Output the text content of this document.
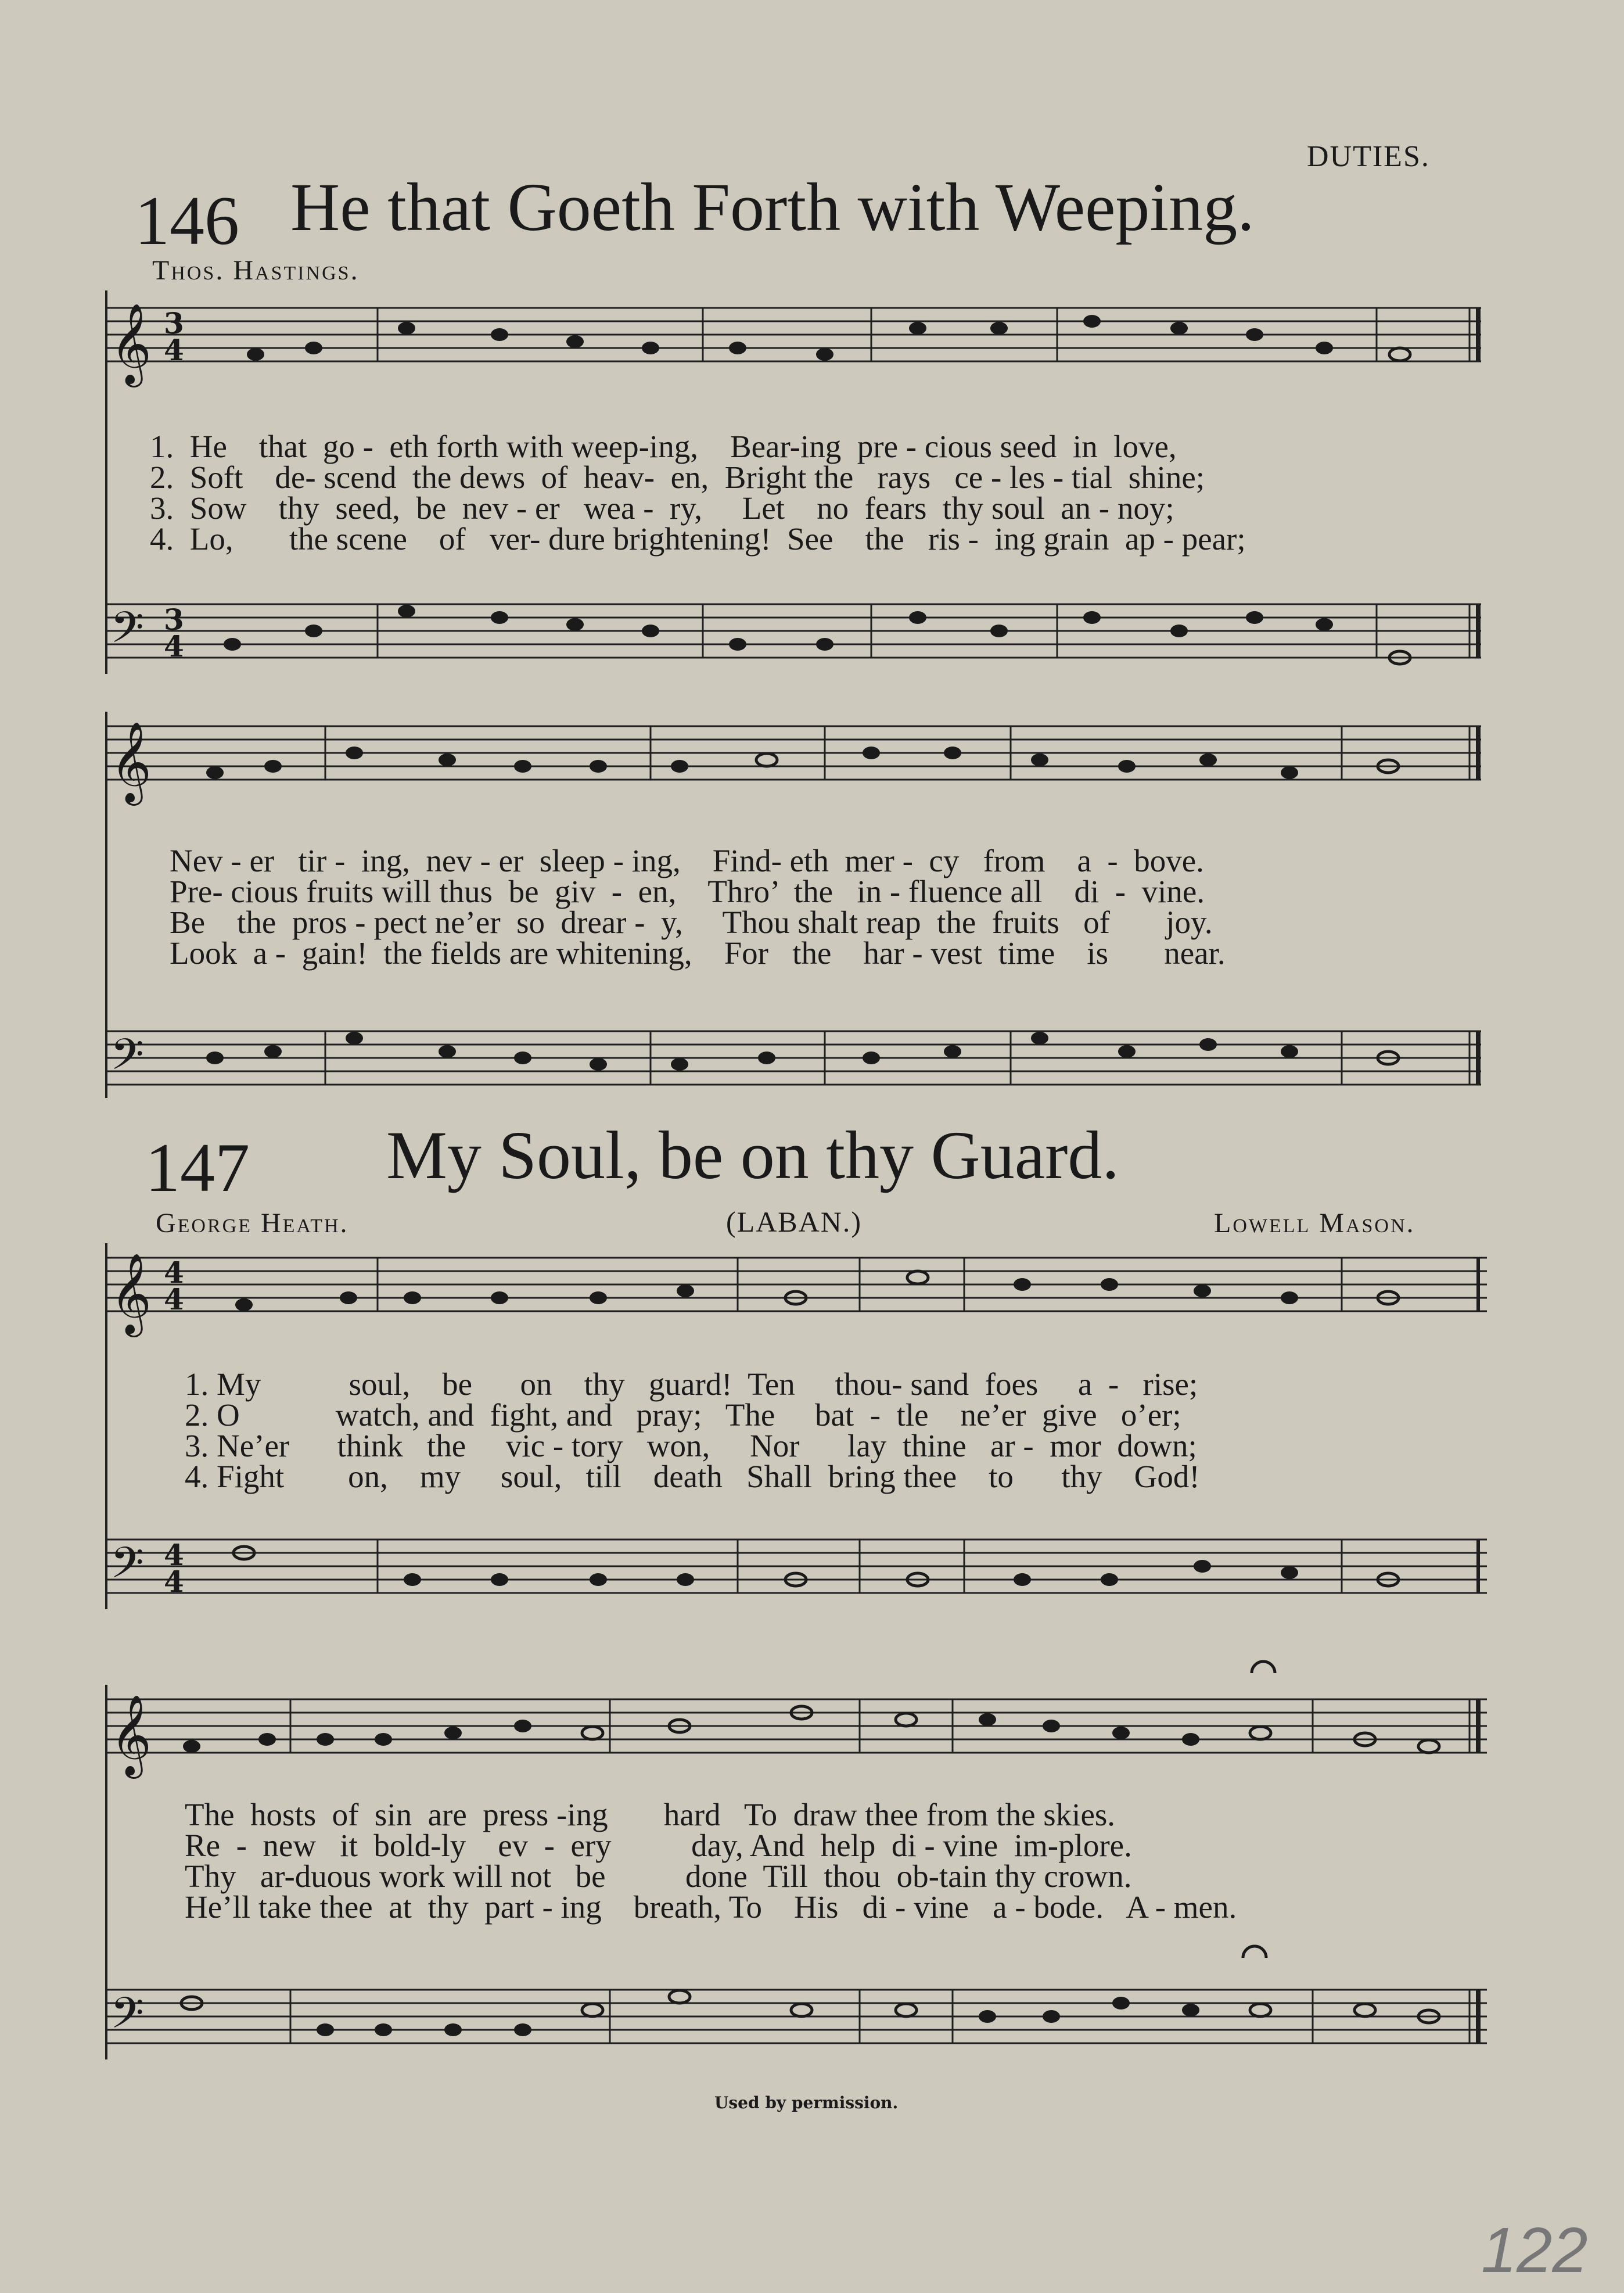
DUTIES.
146 He that Goeth Forth with Weeping.
Thos. Hastings.
𝄞
𝄢
𝄞
𝄢
𝄞
𝄢
𝄞
𝄢
3
4
3
4
4
4
4
4
1.  He    that  go -  eth forth with weep-ing,    Bear-ing  pre - cious seed  in  love,
2.  Soft    de- scend  the dews  of  heav-  en,  Bright the   rays   ce - les - tial  shine;
3.  Sow    thy  seed,  be  nev - er   wea -  ry,     Let    no  fears  thy soul  an - noy;
4.  Lo,       the scene    of   ver- dure brightening!  See    the   ris -  ing grain  ap - pear;
Nev - er   tir -  ing,  nev - er  sleep - ing,    Find- eth  mer -  cy   from    a  -  bove.
Pre- cious fruits will thus  be  giv  -  en,    Thro’  the   in - fluence all    di  -  vine.
Be    the  pros - pect ne’er  so  drear -  y,     Thou shalt reap  the  fruits   of       joy.
Look  a -  gain!  the fields are whitening,    For   the    har - vest  time    is       near.
147 My Soul, be on thy Guard.
George Heath.	(LABAN.)	Lowell Mason.
1. My           soul,    be      on    thy   guard!  Ten     thou- sand  foes     a  -   rise;
2. O            watch, and  fight, and   pray;   The     bat  -  tle    ne’er  give   o’er;
3. Ne’er      think   the     vic - tory   won,     Nor      lay  thine   ar -  mor  down;
4. Fight        on,    my     soul,   till    death   Shall  bring thee    to      thy    God!
The  hosts  of  sin  are  press -ing       hard   To  draw thee from the skies.
Re  -  new   it  bold-ly    ev  -  ery          day, And  help  di - vine  im-plore.
Thy   ar-duous work will not   be          done  Till  thou  ob-tain thy crown.
He’ll take thee  at  thy  part - ing    breath, To    His   di - vine   a - bode.   A - men.
Used by permission.
122
